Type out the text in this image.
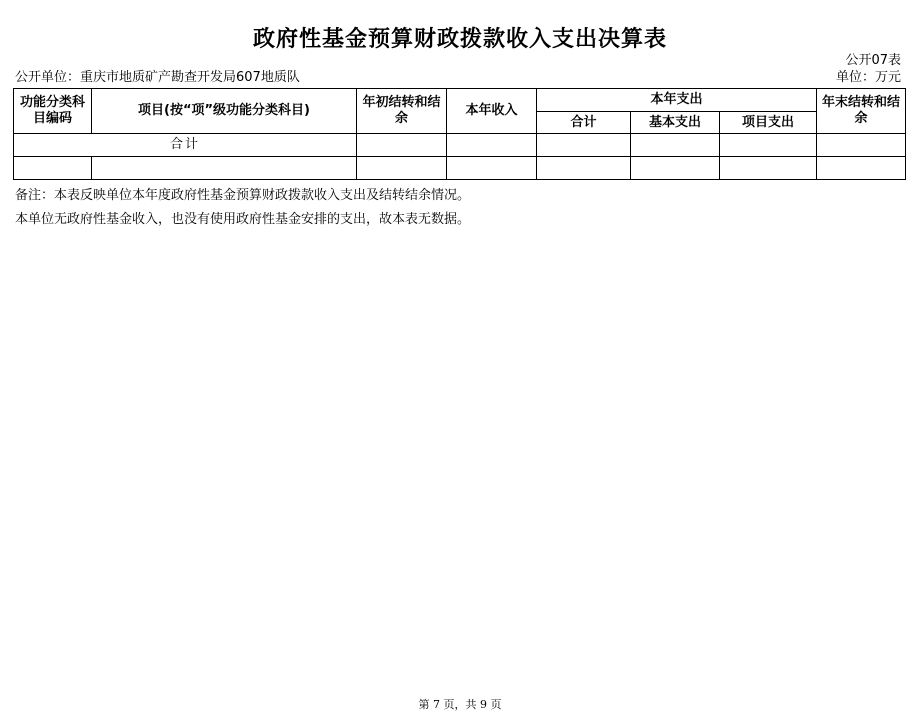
政府性基金预算财政拨款收入支出决算表
公开07表
公开单位：重庆市地质矿产勘查开发局607地质队	单位：万元
功能分类科目编码	项目(按“项”级功能分类科目)	年初结转和结余	本年收入	本年支出			年末结转和结余
				合计	基本支出	项目支出	
合计							

备注：本表反映单位本年度政府性基金预算财政拨款收入支出及结转结余情况。
本单位无政府性基金收入，也没有使用政府性基金安排的支出，故本表无数据。
第 7 页，共 9 页
